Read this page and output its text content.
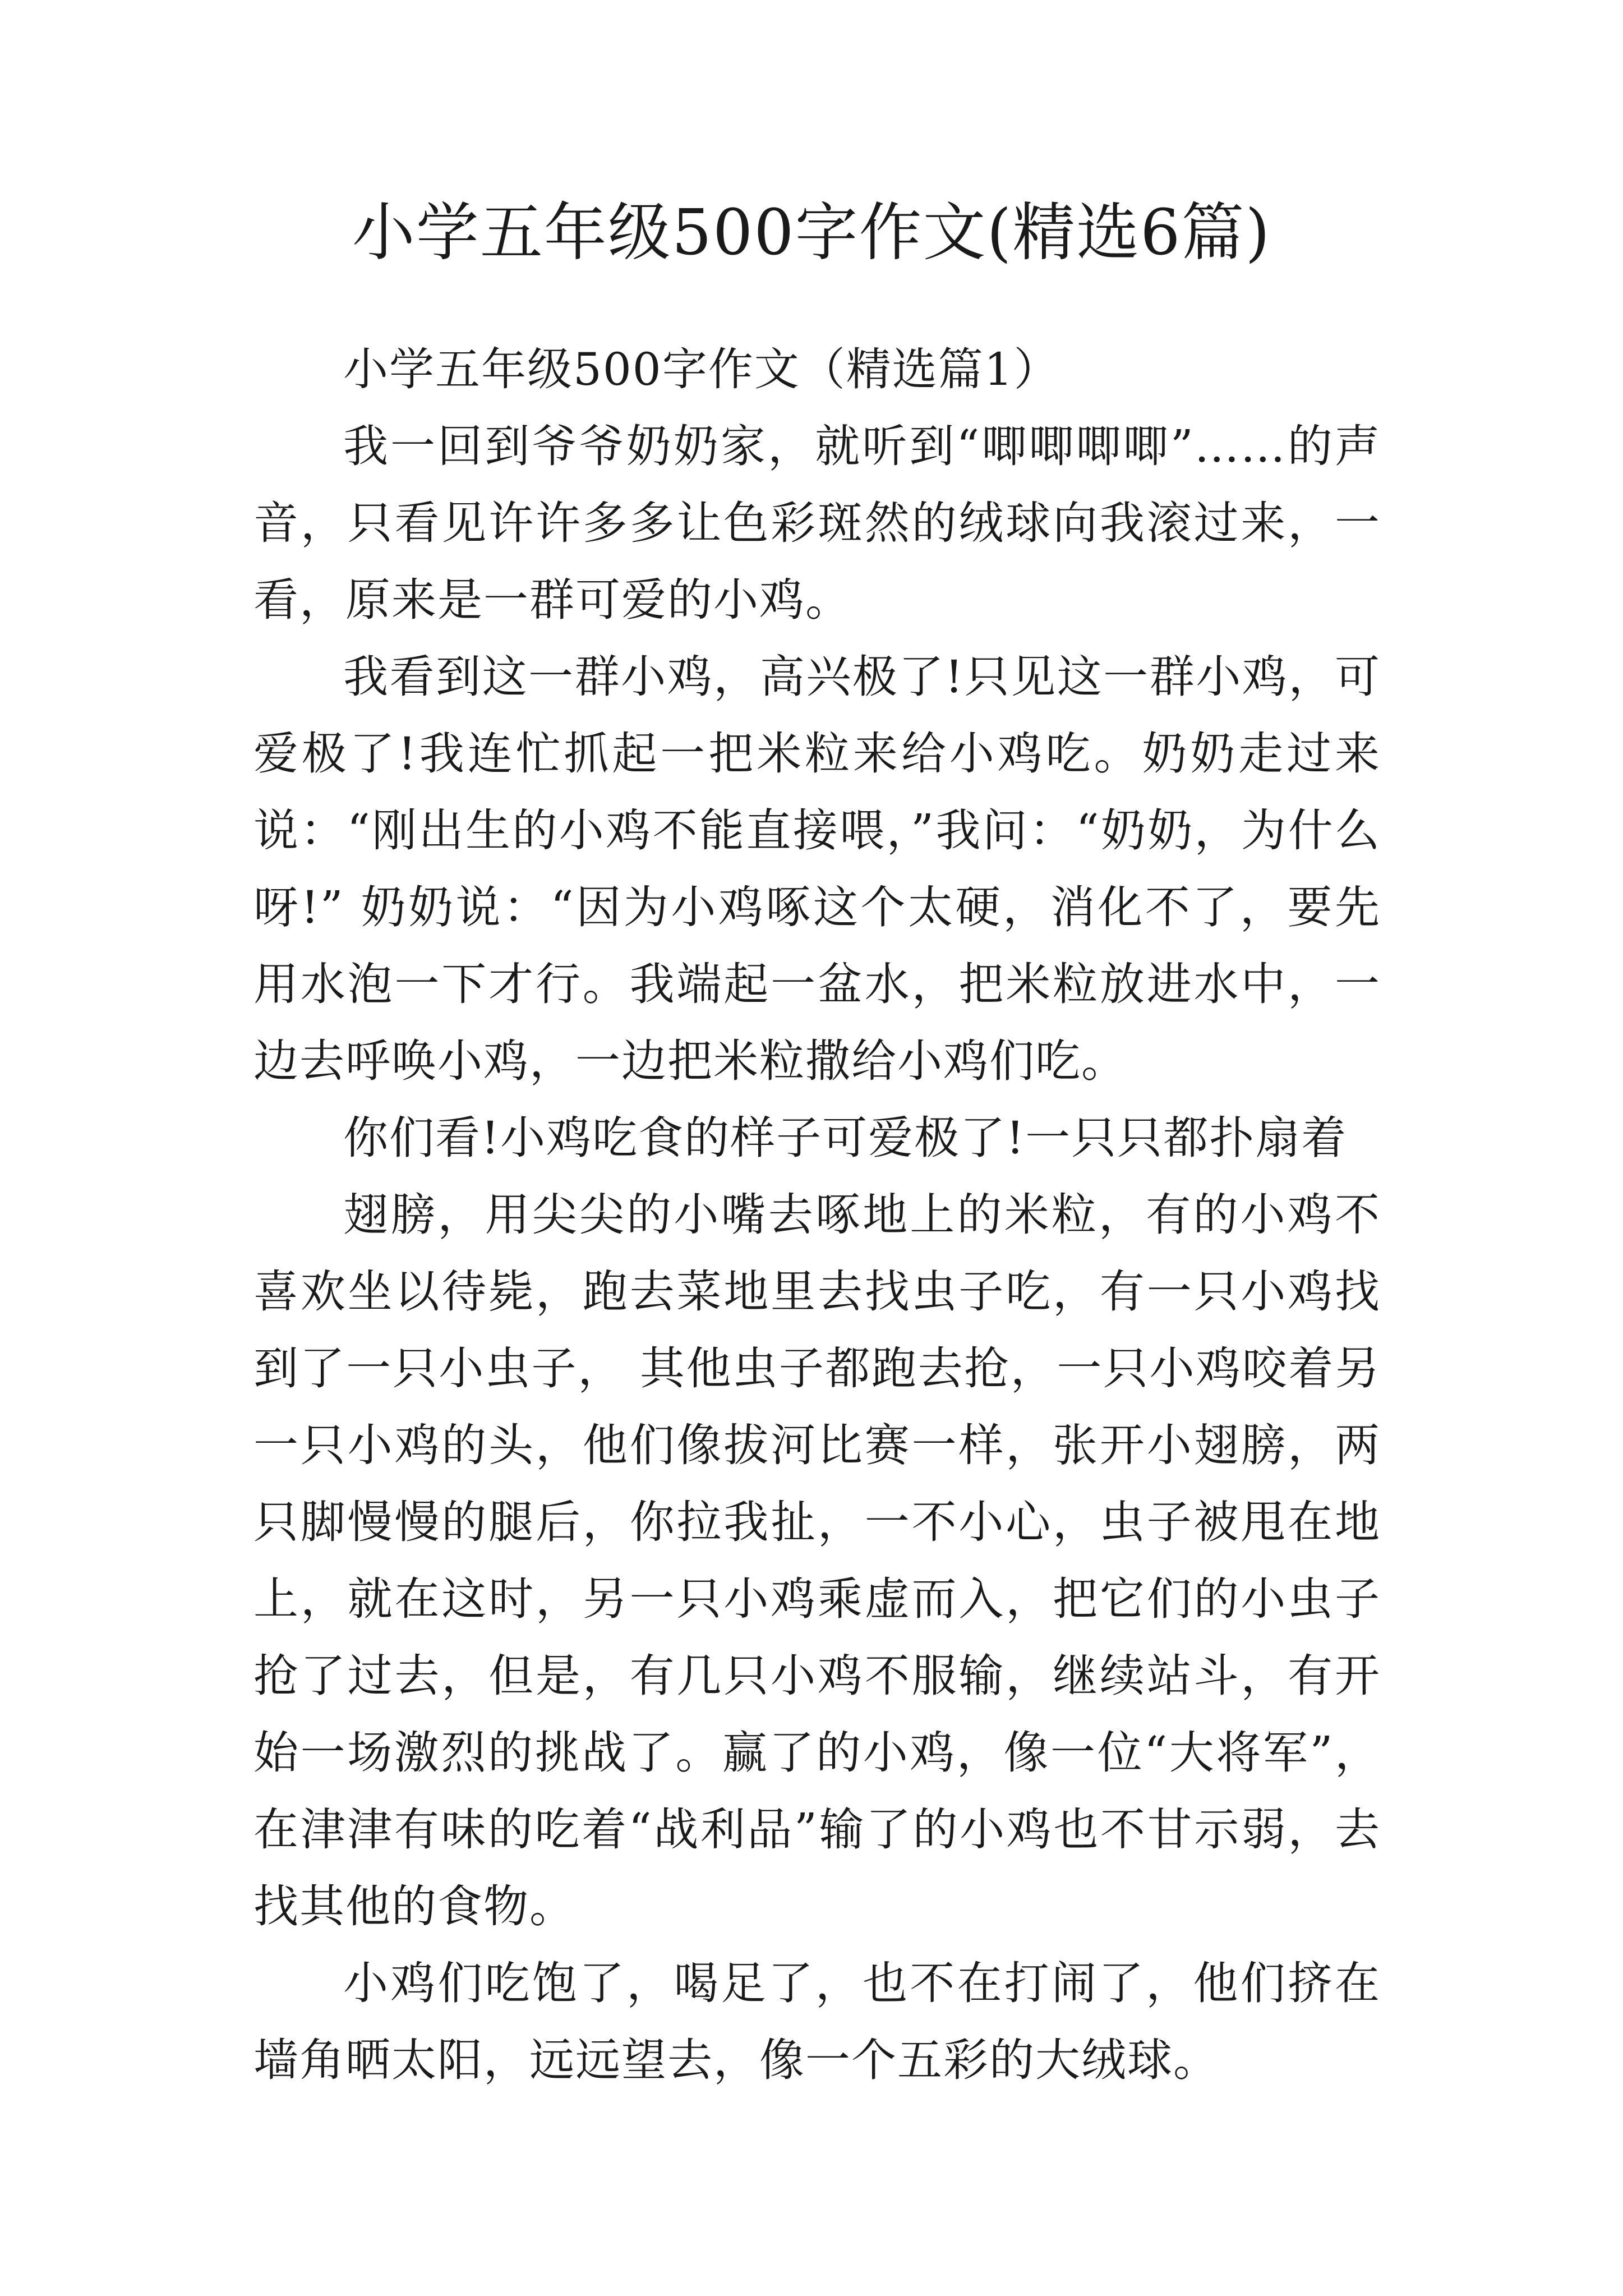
小学五年级500字作文(精选6篇)

小学五年级500字作文（精选篇1）

我一回到爷爷奶奶家，就听到“唧唧唧唧”……的声音，只看见许许多多让色彩斑然的绒球向我滚过来，一看，原来是一群可爱的小鸡。

我看到这一群小鸡，高兴极了!只见这一群小鸡，可爱极了!我连忙抓起一把米粒来给小鸡吃。奶奶走过来说：“刚出生的小鸡不能直接喂，”我问：“奶奶，为什么呀!” 奶奶说：“因为小鸡啄这个太硬，消化不了，要先用水泡一下才行。我端起一盆水，把米粒放进水中，一边去呼唤小鸡，一边把米粒撒给小鸡们吃。

你们看!小鸡吃食的样子可爱极了!一只只都扑扇着

翅膀，用尖尖的小嘴去啄地上的米粒，有的小鸡不喜欢坐以待毙，跑去菜地里去找虫子吃，有一只小鸡找到了一只小虫子， 其他虫子都跑去抢，一只小鸡咬着另一只小鸡的头，他们像拔河比赛一样，张开小翅膀，两只脚慢慢的腿后，你拉我扯，一不小心，虫子被甩在地上，就在这时，另一只小鸡乘虚而入，把它们的小虫子抢了过去，但是，有几只小鸡不服输，继续站斗，有开始一场激烈的挑战了。赢了的小鸡，像一位“大将军”，在津津有味的吃着“战利品”输了的小鸡也不甘示弱，去找其他的食物。

小鸡们吃饱了，喝足了，也不在打闹了，他们挤在墙角晒太阳，远远望去，像一个五彩的大绒球。
